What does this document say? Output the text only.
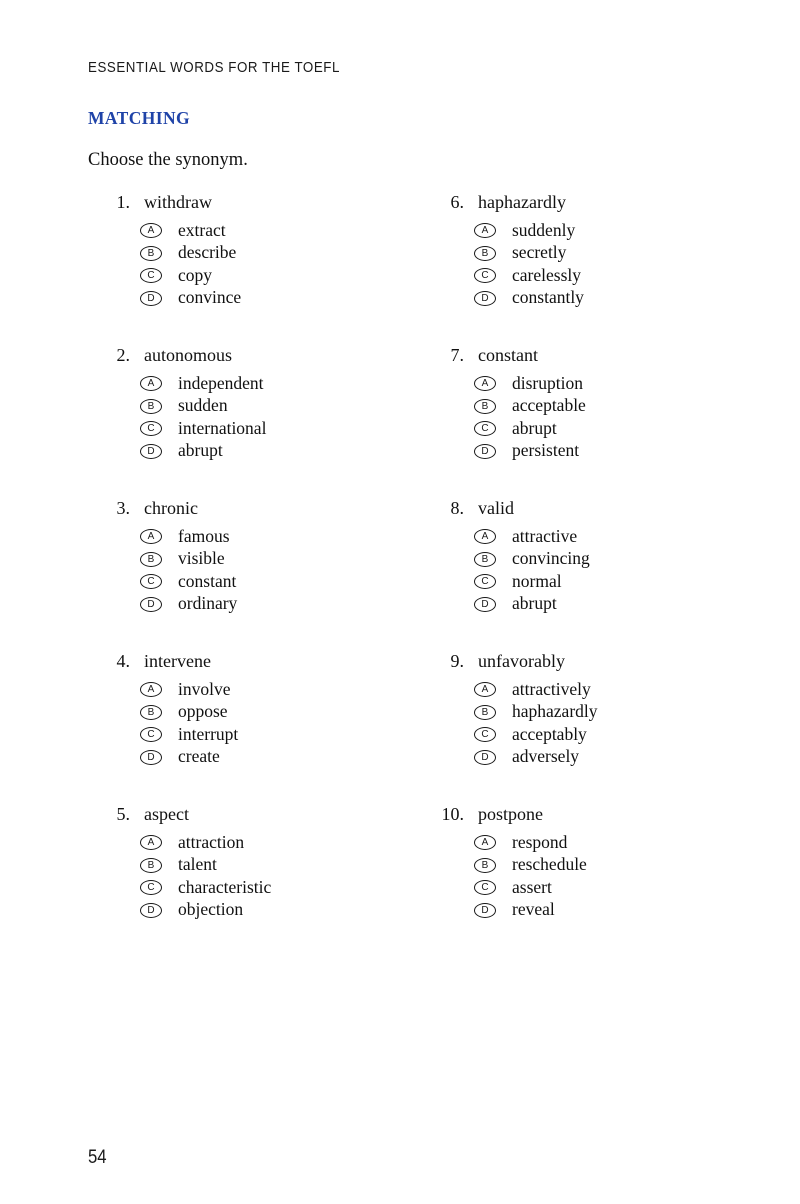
ESSENTIAL WORDS FOR THE TOEFL
MATCHING
Choose the synonym.
1. withdraw
A	extract
B	describe
C	copy
D	convince
2. autonomous
A	independent
B	sudden
C	international
D	abrupt
3. chronic
A	famous
B	visible
C	constant
D	ordinary
4. intervene
A	involve
B	oppose
C	interrupt
D	create
5. aspect
A	attraction
B	talent
C	characteristic
D	objection
6. haphazardly
A	suddenly
B	secretly
C	carelessly
D	constantly
7. constant
A	disruption
B	acceptable
C	abrupt
D	persistent
8. valid
A	attractive
B	convincing
C	normal
D	abrupt
9. unfavorably
A	attractively
B	haphazardly
C	acceptably
D	adversely
10. postpone
A	respond
B	reschedule
C	assert
D	reveal
54
